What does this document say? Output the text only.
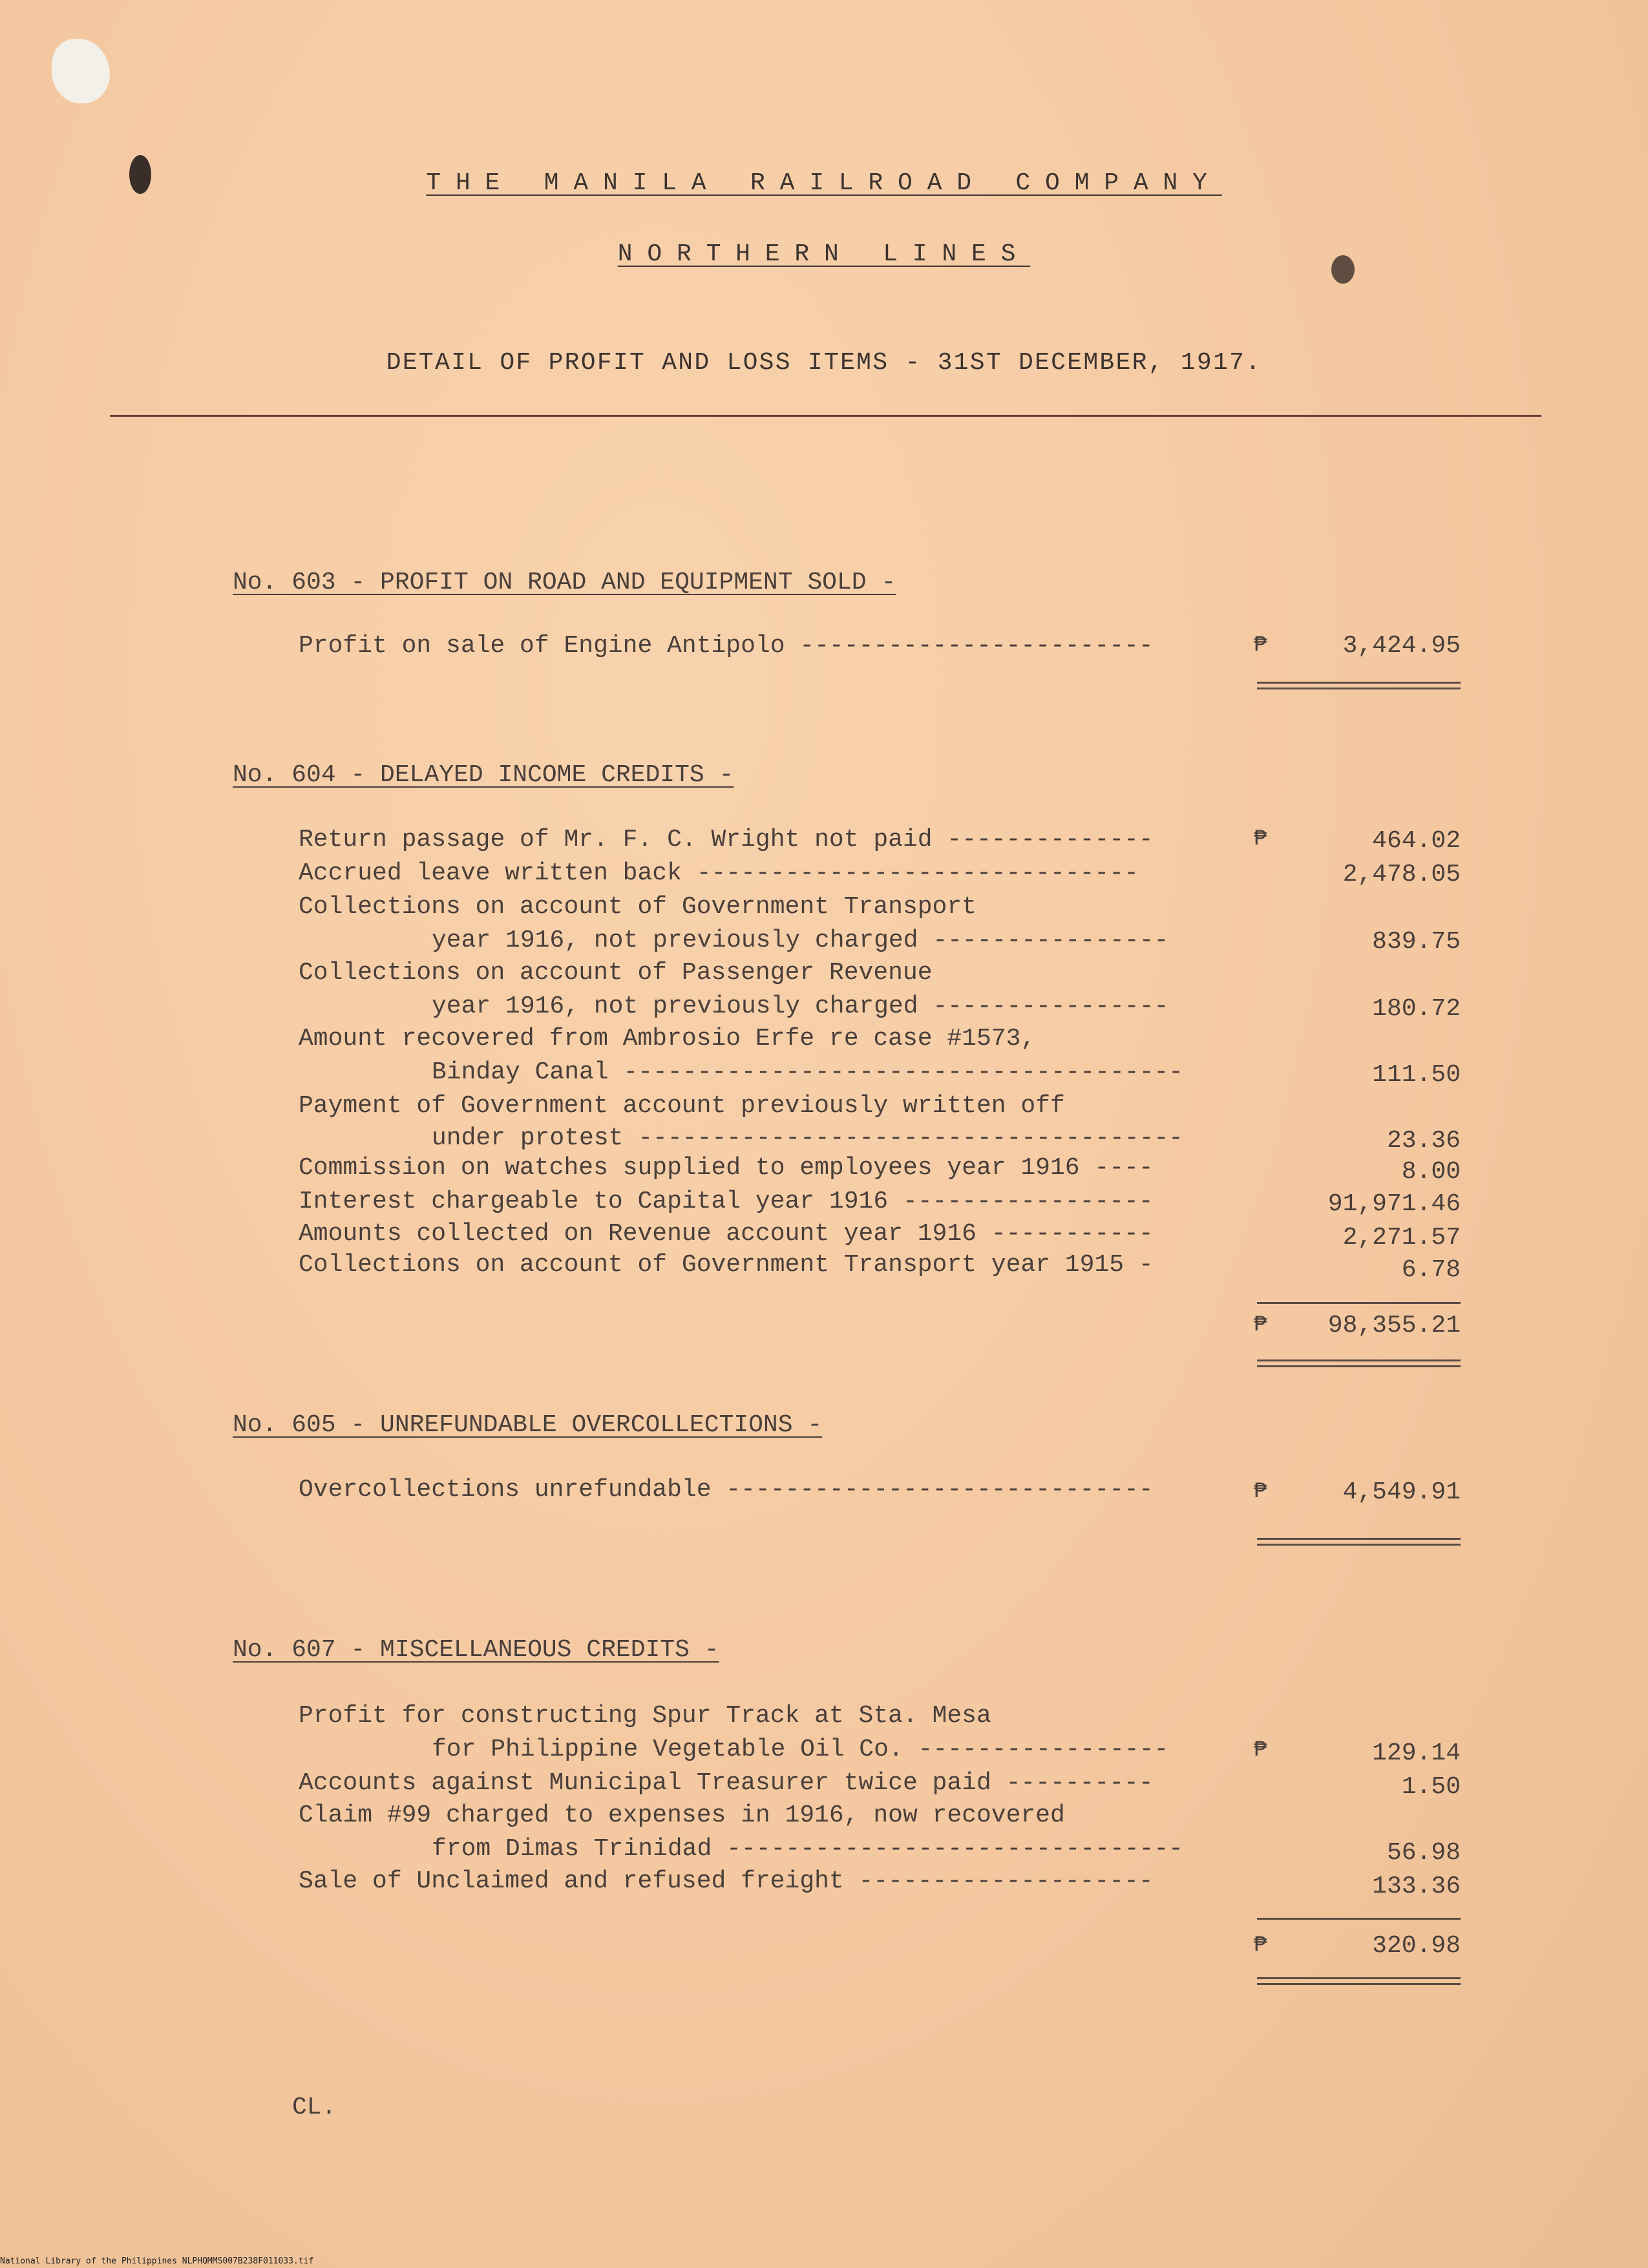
THE MANILA RAILROAD COMPANY
NORTHERN LINES
DETAIL OF PROFIT AND LOSS ITEMS - 31ST DECEMBER, 1917.
No. 603 - PROFIT ON ROAD AND EQUIPMENT SOLD -
Profit on sale of Engine Antipolo ------------------------	₱	3,424.95
No. 604 - DELAYED INCOME CREDITS -
Return passage of Mr. F. C. Wright not paid --------------	₱	464.02
Accrued leave written back ------------------------------	2,478.05
Collections on account of Government Transport
year 1916, not previously charged ----------------	839.75
Collections on account of Passenger Revenue
year 1916, not previously charged ----------------	180.72
Amount recovered from Ambrosio Erfe re case #1573,
Binday Canal --------------------------------------	111.50
Payment of Government account previously written off
under protest -------------------------------------	23.36
Commission on watches supplied to employees year 1916 ----	8.00
Interest chargeable to Capital year 1916 -----------------	91,971.46
Amounts collected on Revenue account year 1916 -----------	2,271.57
Collections on account of Government Transport year 1915 -	6.78
₱	98,355.21
No. 605 - UNREFUNDABLE OVERCOLLECTIONS -
Overcollections unrefundable -----------------------------	₱	4,549.91
No. 607 - MISCELLANEOUS CREDITS -
Profit for constructing Spur Track at Sta. Mesa
for Philippine Vegetable Oil Co. -----------------	₱	129.14
Accounts against Municipal Treasurer twice paid ----------	1.50
Claim #99 charged to expenses in 1916, now recovered
from Dimas Trinidad -------------------------------	56.98
Sale of Unclaimed and refused freight --------------------	133.36
₱	320.98
CL.
National Library of the Philippines NLPHQMMS007B238F011033.tif
